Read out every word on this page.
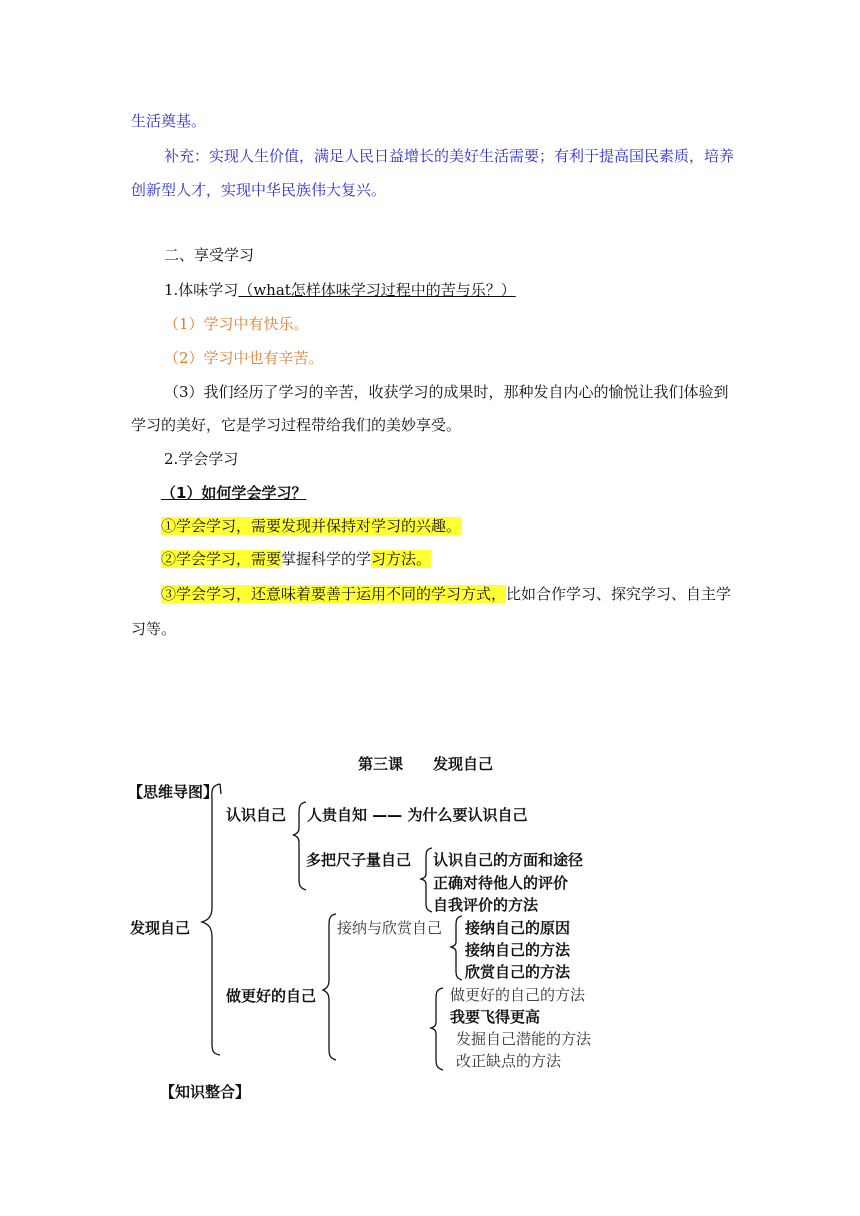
生活奠基。
补充：实现人生价值，满足人民日益增长的美好生活需要；有利于提高国民素质，培养
创新型人才，实现中华民族伟大复兴。
二、享受学习
1.体味学习（what怎样体味学习过程中的苦与乐？）
（1）学习中有快乐。
（2）学习中也有辛苦。
（3）我们经历了学习的辛苦，收获学习的成果时，那种发自内心的愉悦让我们体验到
学习的美好，它是学习过程带给我们的美妙享受。
2.学会学习
（1）如何学会学习？
①学会学习，需要发现并保持对学习的兴趣。
②学会学习，需要掌握科学的学习方法。
③学会学习，还意味着要善于运用不同的学习方式，比如合作学习、探究学习、自主学
习等。
第三课　　发现自己
【思维导图】
发现自己
认识自己 人贵自知 —— 为什么要认识自己
多把尺子量自己 认识自己的方面和途径
正确对待他人的评价
自我评价的方法
做更好的自己
接纳与欣赏自己 接纳自己的原因
接纳自己的方法
欣赏自己的方法
做更好的自己的方法
我要飞得更高
发掘自己潜能的方法
改正缺点的方法
【知识整合】
